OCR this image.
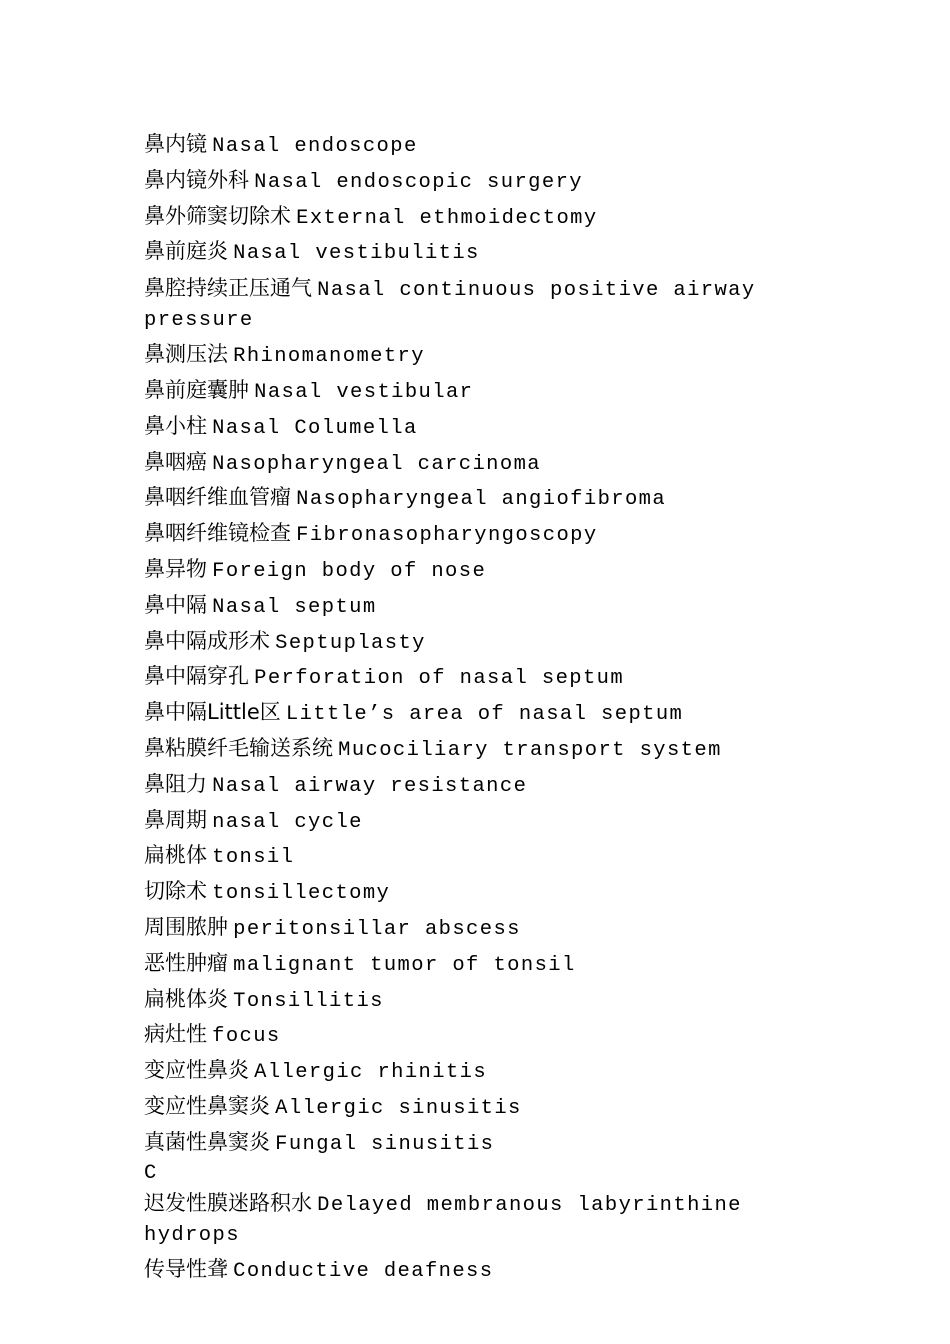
鼻内镜 Nasal endoscope
鼻内镜外科 Nasal endoscopic surgery
鼻外筛窦切除术 External ethmoidectomy
鼻前庭炎 Nasal vestibulitis
鼻腔持续正压通气 Nasal continuous positive airway pressure
鼻测压法 Rhinomanometry
鼻前庭囊肿 Nasal vestibular
鼻小柱 Nasal Columella
鼻咽癌 Nasopharyngeal carcinoma
鼻咽纤维血管瘤 Nasopharyngeal angiofibroma
鼻咽纤维镜检查 Fibronasopharyngoscopy
鼻异物 Foreign body of nose
鼻中隔 Nasal septum
鼻中隔成形术 Septuplasty
鼻中隔穿孔 Perforation of nasal septum
鼻中隔Little区 Little’s area of nasal septum
鼻粘膜纤毛输送系统 Mucociliary transport system
鼻阻力 Nasal airway resistance
鼻周期 nasal cycle
扁桃体 tonsil
切除术 tonsillectomy
周围脓肿 peritonsillar abscess
恶性肿瘤 malignant tumor of tonsil
扁桃体炎 Tonsillitis
病灶性 focus
变应性鼻炎 Allergic rhinitis
变应性鼻窦炎 Allergic sinusitis
真菌性鼻窦炎 Fungal sinusitis
C
迟发性膜迷路积水 Delayed membranous labyrinthine hydrops
传导性聋 Conductive deafness
